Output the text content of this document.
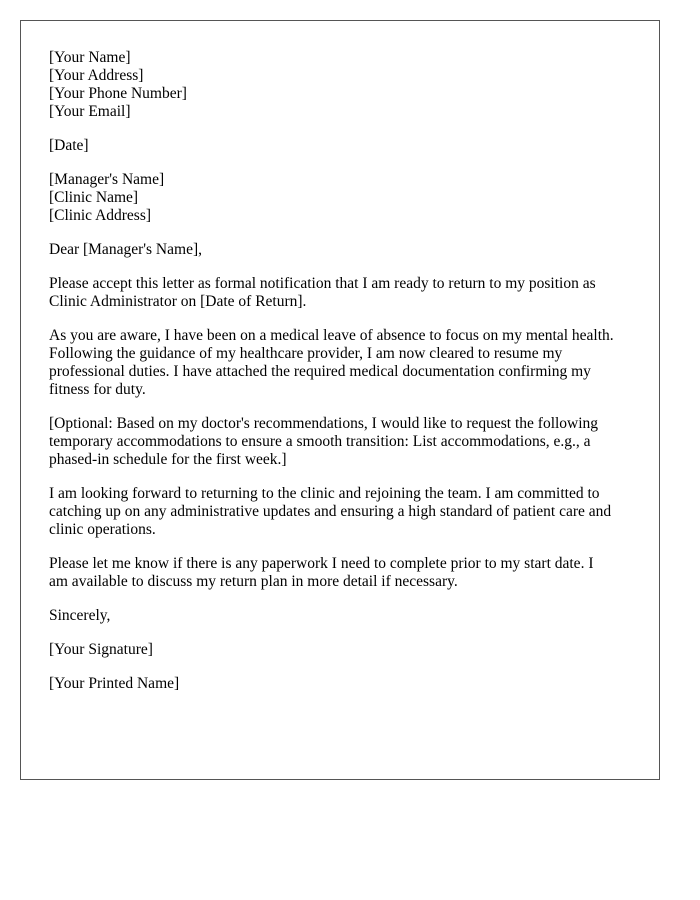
[Your Name]
[Your Address]
[Your Phone Number]
[Your Email]
[Date]
[Manager's Name]
[Clinic Name]
[Clinic Address]

Dear [Manager's Name],

Please accept this letter as formal notification that I am ready to return to my position as
Clinic Administrator on [Date of Return].

As you are aware, I have been on a medical leave of absence to focus on my mental health.
Following the guidance of my healthcare provider, I am now cleared to resume my
professional duties. I have attached the required medical documentation confirming my
fitness for duty.

[Optional: Based on my doctor's recommendations, I would like to request the following
temporary accommodations to ensure a smooth transition: List accommodations, e.g., a
phased-in schedule for the first week.]

I am looking forward to returning to the clinic and rejoining the team. I am committed to
catching up on any administrative updates and ensuring a high standard of patient care and
clinic operations.

Please let me know if there is any paperwork I need to complete prior to my start date. I
am available to discuss my return plan in more detail if necessary.

Sincerely,

[Your Signature]

[Your Printed Name]
